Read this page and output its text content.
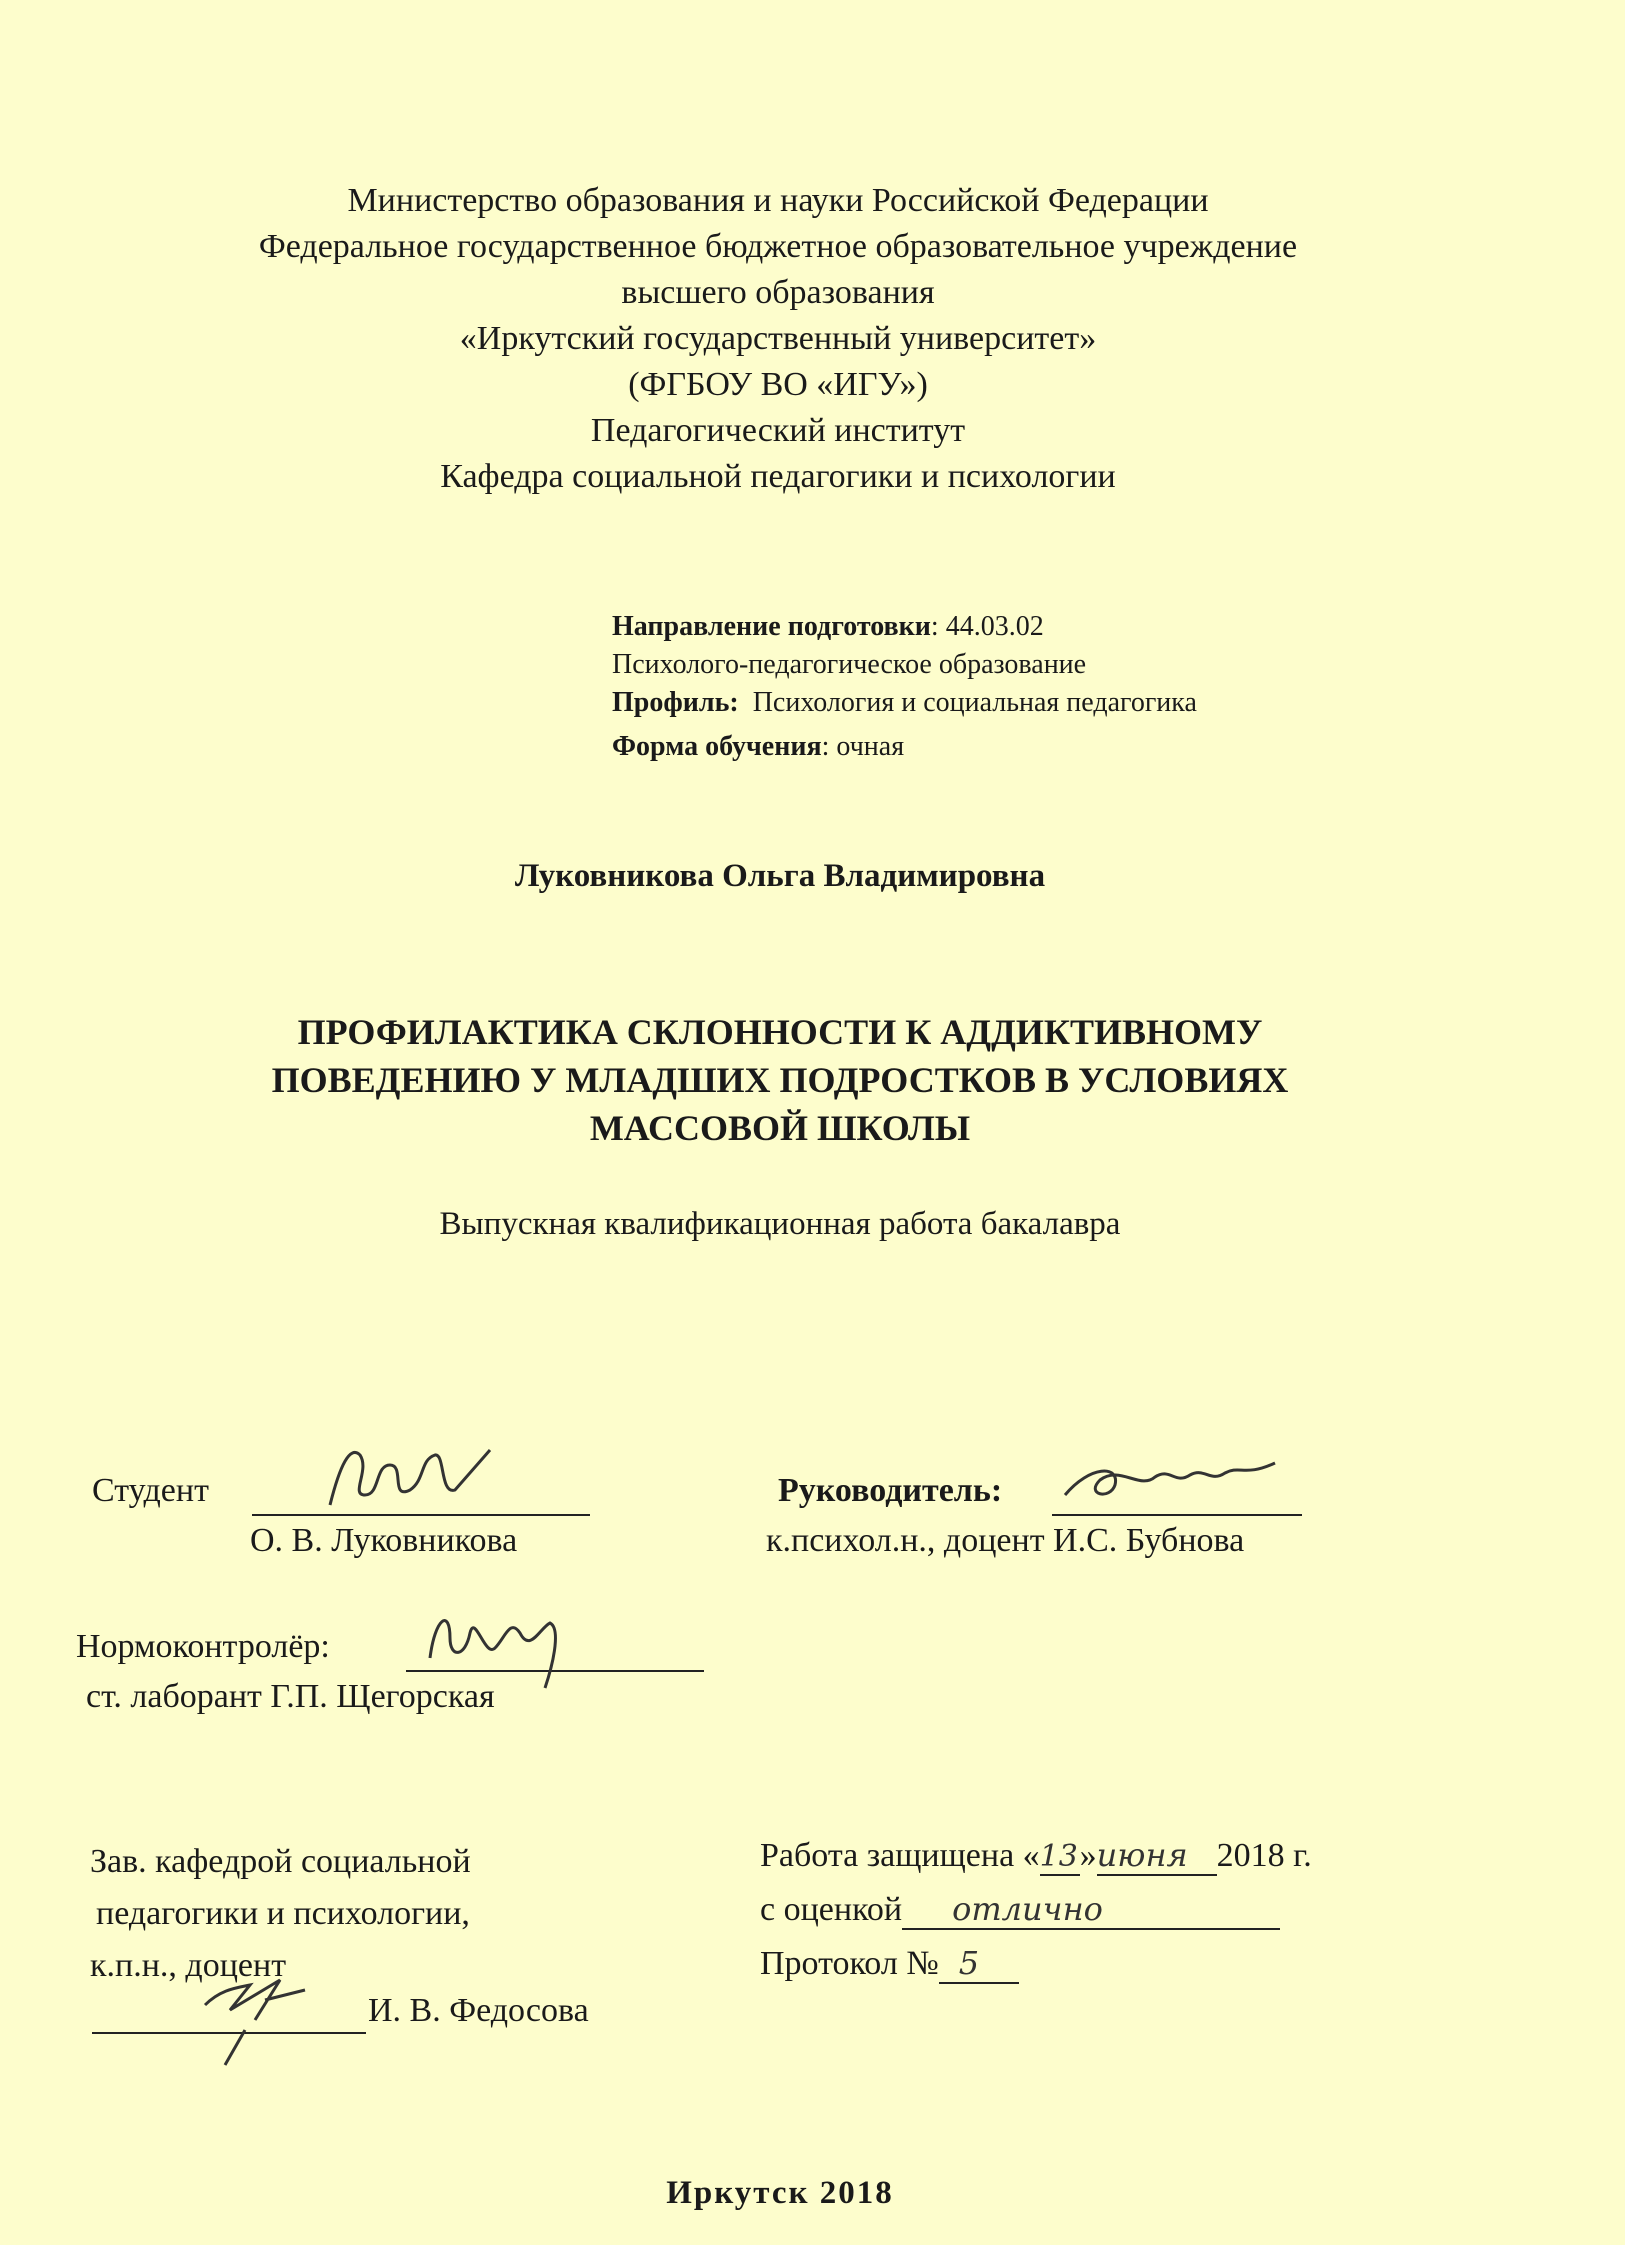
Министерство образования и науки Российской Федерации
Федеральное государственное бюджетное образовательное учреждение
высшего образования
«Иркутский государственный университет»
(ФГБОУ ВО «ИГУ»)
Педагогический институт
Кафедра социальной педагогики и психологии
Направление подготовки: 44.03.02
Психолого-педагогическое образование
Профиль: Психология и социальная педагогика
Форма обучения: очная
Луковникова Ольга Владимировна
ПРОФИЛАКТИКА СКЛОННОСТИ К АДДИКТИВНОМУ
ПОВЕДЕНИЮ У МЛАДШИХ ПОДРОСТКОВ В УСЛОВИЯХ
МАССОВОЙ ШКОЛЫ
Выпускная квалификационная работа бакалавра
Студент
О. В. Луковникова
Руководитель:
к.психол.н., доцент И.С. Бубнова
Нормоконтролёр:
ст. лаборант Г.П. Щегорская
Зав. кафедрой социальной
педагогики и психологии,
к.п.н., доцент
И. В. Федосова
Работа защищена «13»июня 2018 г.
с оценкой отлично
Протокол № 5
Иркутск 2018
